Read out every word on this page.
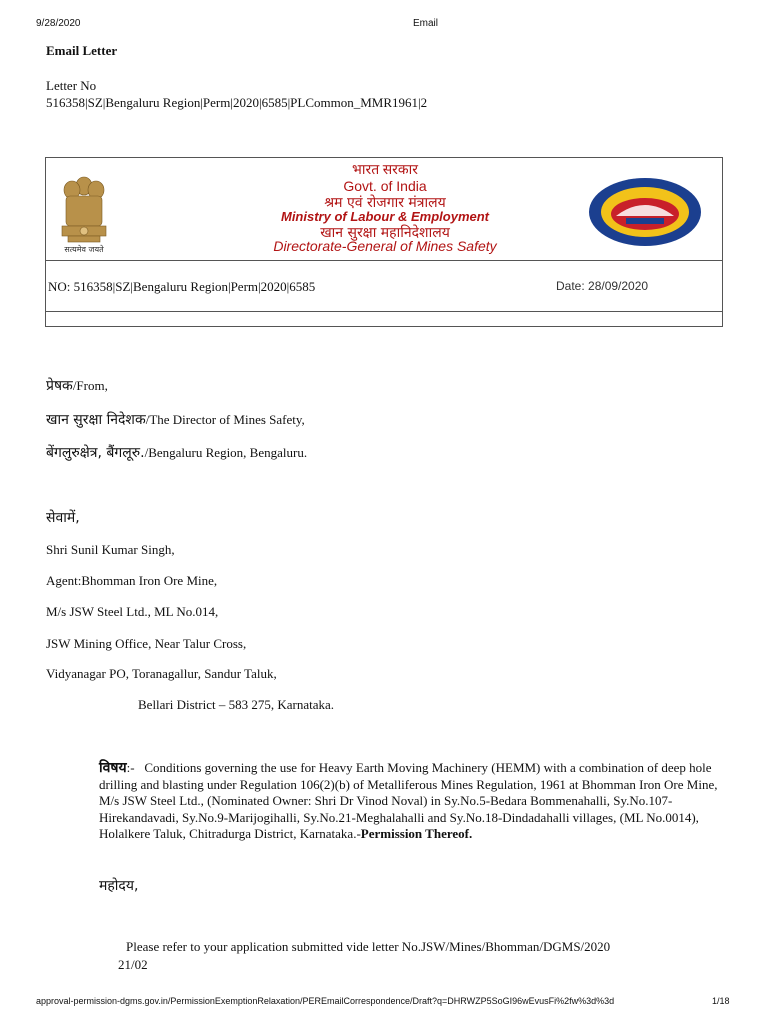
9/28/2020	Email
Email Letter
Letter No
516358|SZ|Bengaluru Region|Perm|2020|6585|PLCommon_MMR1961|2
सत्यमेव जयते
भारत सरकार
Govt. of India
श्रम एवं रोजगार मंत्रालय
Ministry of Labour & Employment
खान सुरक्षा महानिदेशालय
Directorate-General of Mines Safety
NO: 516358|SZ|Bengaluru Region|Perm|2020|6585	Date: 28/09/2020
प्रेषक/From,
खान सुरक्षा निदेशक/The Director of Mines Safety,
बेंगलुरुक्षेत्र, बैंगलूरु./Bengaluru Region, Bengaluru.
सेवामें,
Shri Sunil Kumar Singh,
Agent:Bhomman Iron Ore Mine,
M/s JSW Steel Ltd., ML No.014,
JSW Mining Office, Near Talur Cross,
Vidyanagar PO, Toranagallur, Sandur Taluk,
Bellari District – 583 275, Karnataka.
विषय:-   Conditions governing the use for Heavy Earth Moving Machinery (HEMM) with a combination of deep hole drilling and blasting under Regulation 106(2)(b) of Metalliferous Mines Regulation, 1961 at Bhomman Iron Ore Mine, M/s JSW Steel Ltd., (Nominated Owner: Shri Dr Vinod Noval) in Sy.No.5-Bedara Bommenahalli, Sy.No.107-Hirekandavadi, Sy.No.9-Marijogihalli, Sy.No.21-Meghalahalli and Sy.No.18-Dindadahalli villages, (ML No.0014), Holalkere Taluk, Chitradurga District, Karnataka.-Permission Thereof.
महोदय,
Please refer to your application submitted vide letter No.JSW/Mines/Bhomman/DGMS/2020
21/02
approval-permission-dgms.gov.in/PermissionExemptionRelaxation/PEREmailCorrespondence/Draft?q=DHRWZP5SoGI96wEvusFi%2fw%3d%3d	1/18
